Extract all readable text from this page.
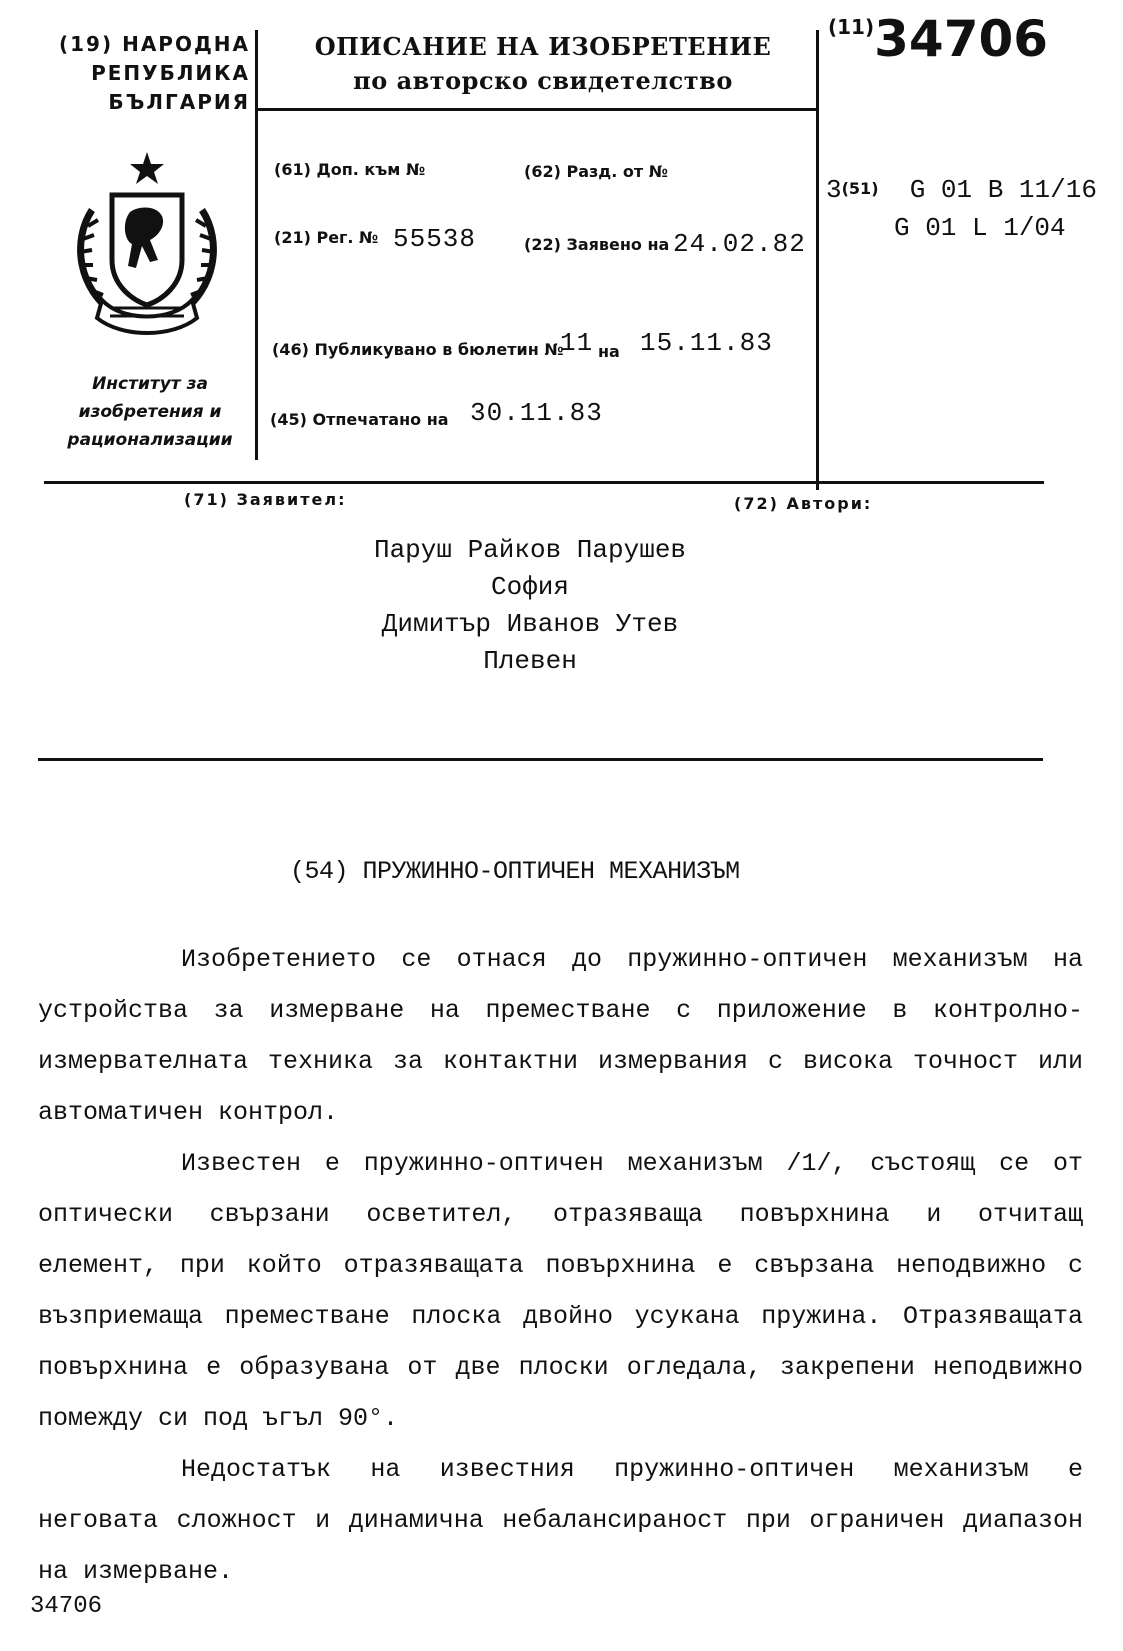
(19) НАРОДНА
РЕПУБЛИКА
БЪЛГАРИЯ
Институт за
изобретения и
рационализации
ОПИСАНИЕ НА ИЗОБРЕТЕНИЕ
по авторско свидетелство
$^{(11)}$34706
(61) Доп. към №	(62) Разд. от №
(21) Рег. № 55538	(22) Заявено на 24.02.82
(46) Публикувано в бюлетин №
11 на 15.11.83
(45) Отпечатано на 30.11.83
3(51) G 01 B 11/16
G 01 L 1/04
(71) Заявител:	(72) Автори:
Паруш Райков Парушев
София
Димитър Иванов Утев
Плевен
(54) ПРУЖИННО-ОПТИЧЕН МЕХАНИЗЪМ

Изобретението се отнася до пружинно-оптичен механизъм на устройства за измерване на преместване с приложение в контролно-измервателната техника за контактни измервания с висока точност или автоматичен контрол.

Известен е пружинно-оптичен механизъм /1/, състоящ се от оптически свързани осветител, отразяваща повърхнина и отчитащ елемент, при който отразяващата повърхнина е свързана неподвижно с възприемаща преместване плоска двойно усукана пружина. Отразяващата повърхнина е образувана от две плоски огледала, закрепени неподвижно помежду си под ъгъл 90°.

Недостатък на известния пружинно-оптичен механизъм е неговата сложност и динамична небалансираност при ограничен диапазон на измерване.

34706
